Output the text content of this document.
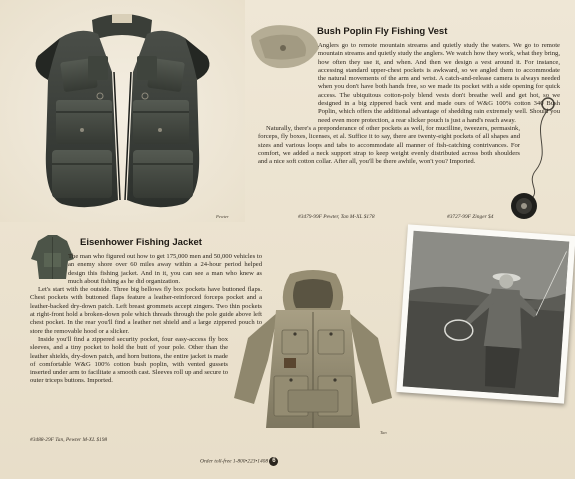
Pewter
Bush Poplin Fly Fishing Vest

Anglers go to remote mountain streams and quietly study the waters. We go to remote mountain streams and quietly study the anglers. We watch how they work, what they bring, how often they use it, and when. And then we design a vest around it. For instance, accessing standard upper-chest pockets is awkward, so we angled them to accommodate the natural movements of the arm and wrist. A catch-and-release camera is always needed when you don't have both hands free, so we made its pocket with a side opening for quick access. The ubiquitous cotton-poly blend vests don't breathe well and get hot, so we designed in a big zippered back vent and made ours of W&G 100% cotton 340 Bush Poplin, which offers the additional advantage of shedding rain extremely well. Should you need even more protection, a rear slicker pouch is just a hand's reach away.

Naturally, there's a preponderance of other pockets as well, for mucilline, tweezers, permasink, forceps, fly boxes, licenses, et al. Suffice it to say, there are twenty-eight pockets of all shapes and sizes and various loops and tabs to accommodate all manner of fish-catching contrivances. For comfort, we added a neck support strap to keep weight evenly distributed across both shoulders and a nice soft cotton collar. After all, you'll be there awhile, won't you? Imported.

#3479-99F Pewter, Tan M-XL $178	#3727-99F Zinger $4
Eisenhower Fishing Jacket

The man who figured out how to get 175,000 men and 50,000 vehicles to an enemy shore over 60 miles away within a 24-hour period helped design this fishing jacket. And in it, you can see a man who knew as much about fishing as he did organization.

Let's start with the outside. Three big bellows fly box pockets have buttoned flaps. Chest pockets with buttoned flaps feature a leather-reinforced forceps pocket and a leather-backed dry-down patch. Left breast grommets accept zingers. Two thin pockets at right-front hold a broken-down pole which threads through the pole guide above left chest pocket. In the rear you'll find a leather net shield and a large zippered pouch to store the removable hood or a slicker.

Inside you'll find a zippered security pocket, four easy-access fly box sleeves, and a tiny pocket to hold the butt of your pole. Other than the leather shields, dry-down patch, and horn buttons, the entire jacket is made of comfortable W&G 100% cotton bush poplin, with vented gussets inserted under arm to facilitate a smooth cast. Sleeves roll up and secure to outer triceps buttons. Imported.

Tan
#3488-29F Tan, Pewter M-XL $198
Order toll-free 1-800•223•1408 6
